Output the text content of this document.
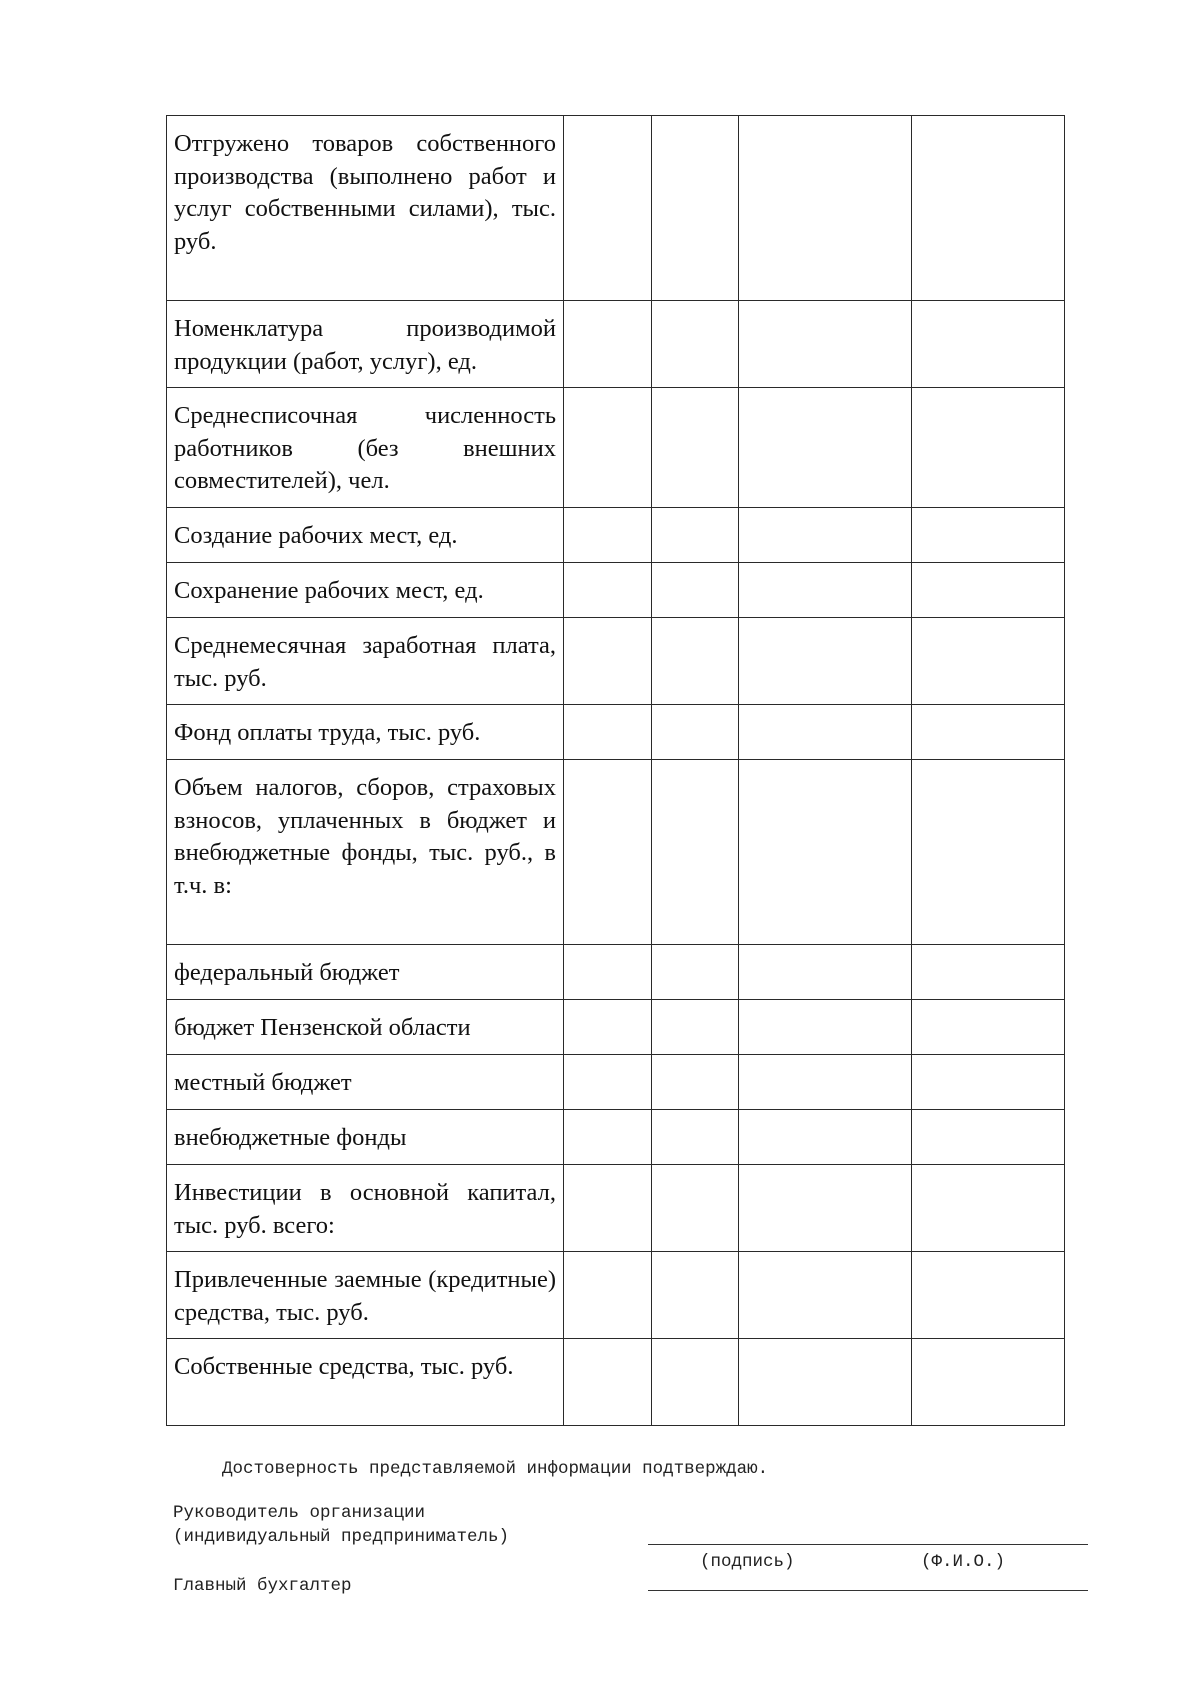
Отгружено товаров собственного производства (выполнено работ и услуг собственными силами), тыс. руб.				
Номенклатура производимой продукции (работ, услуг), ед.				
Среднесписочная численность работников (без внешних совместителей), чел.				
Создание рабочих мест, ед.				
Сохранение рабочих мест, ед.				
Среднемесячная заработная плата, тыс. руб.				
Фонд оплаты труда, тыс. руб.				
Объем налогов, сборов, страховых взносов, уплаченных в бюджет и внебюджетные фонды, тыс. руб., в т.ч. в:				
федеральный бюджет				
бюджет Пензенской области				
местный бюджет				
внебюджетные фонды				
Инвестиции в основной капитал, тыс. руб. всего:				
Привлеченные заемные (кредитные) средства, тыс. руб.				
Собственные средства, тыс. руб.				
Достоверность представляемой информации подтверждаю.
Руководитель организации
(индивидуальный предприниматель)
(подпись)	(Ф.И.О.)
Главный бухгалтер
